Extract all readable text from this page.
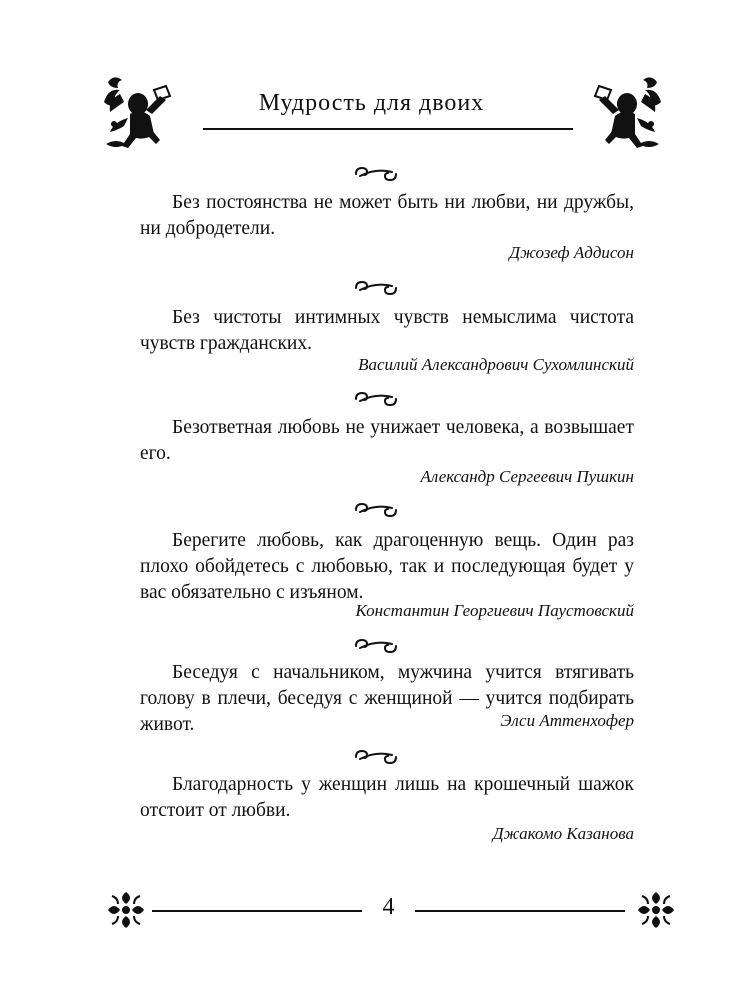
Мудрость для двоих

Без постоянства не может быть ни любви, ни дружбы, ни добродетели.

Джозеф Аддисон

Без чистоты интимных чувств немыслима чистота чувств гражданских.

Василий Александрович Сухомлинский

Безответная любовь не унижает человека, а возвышает его.

Александр Сергеевич Пушкин

Берегите любовь, как драгоценную вещь. Один раз плохо обойдетесь с любовью, так и последующая будет у вас обязательно с изъяном.

Константин Георгиевич Паустовский

Беседуя с начальником, мужчина учится втягивать голову в плечи, беседуя с женщиной — учится подбирать живот.	Элси Аттенхофер

Благодарность у женщин лишь на крошечный шажок отстоит от любви.

Джакомо Казанова

4
